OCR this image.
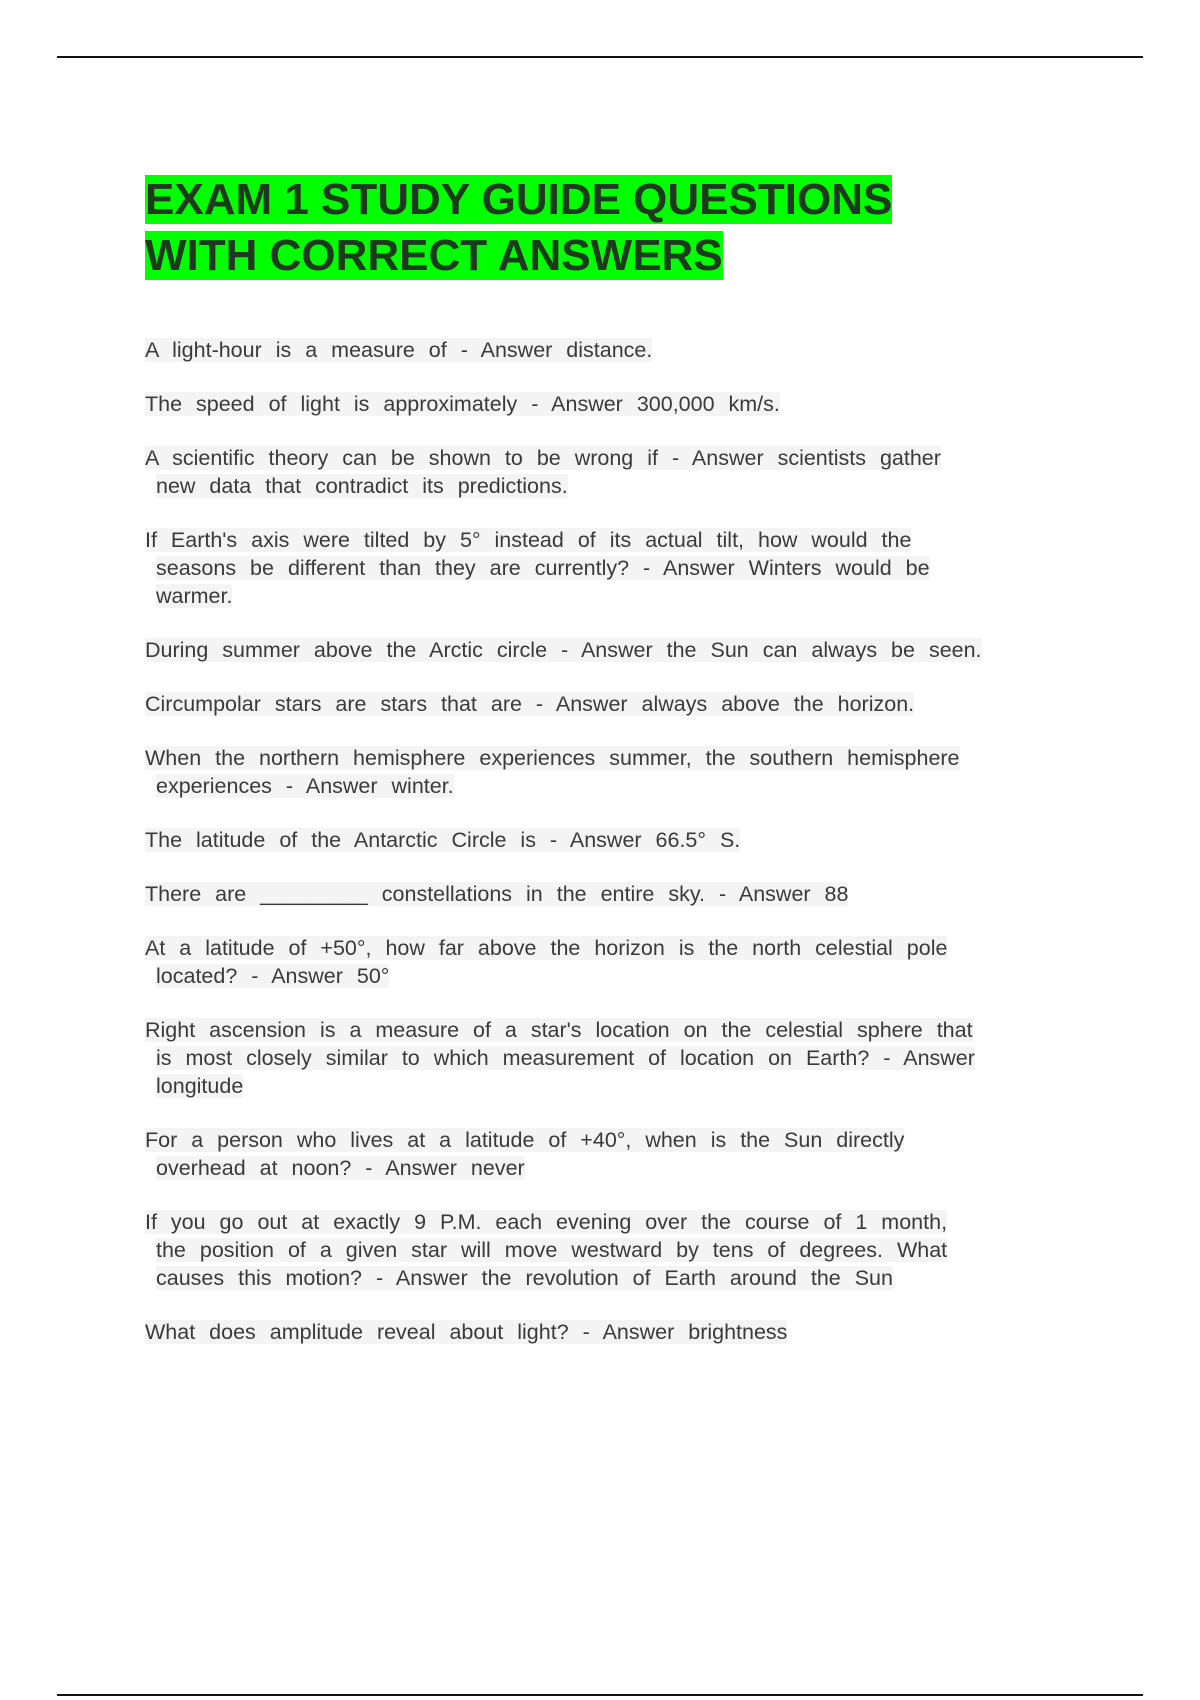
EXAM 1 STUDY GUIDE QUESTIONS
WITH CORRECT ANSWERS
A light-hour is a measure of - Answer distance.
The speed of light is approximately - Answer 300,000 km/s.
A scientific theory can be shown to be wrong if - Answer scientists gather
new data that contradict its predictions.
If Earth's axis were tilted by 5° instead of its actual tilt, how would the
seasons be different than they are currently? - Answer Winters would be
warmer.
During summer above the Arctic circle - Answer the Sun can always be seen.
Circumpolar stars are stars that are - Answer always above the horizon.
When the northern hemisphere experiences summer, the southern hemisphere
experiences - Answer winter.
The latitude of the Antarctic Circle is - Answer 66.5° S.
There are _________ constellations in the entire sky. - Answer 88
At a latitude of +50°, how far above the horizon is the north celestial pole
located? - Answer 50°
Right ascension is a measure of a star's location on the celestial sphere that
is most closely similar to which measurement of location on Earth? - Answer
longitude
For a person who lives at a latitude of +40°, when is the Sun directly
overhead at noon? - Answer never
If you go out at exactly 9 P.M. each evening over the course of 1 month,
the position of a given star will move westward by tens of degrees. What
causes this motion? - Answer the revolution of Earth around the Sun
What does amplitude reveal about light? - Answer brightness
